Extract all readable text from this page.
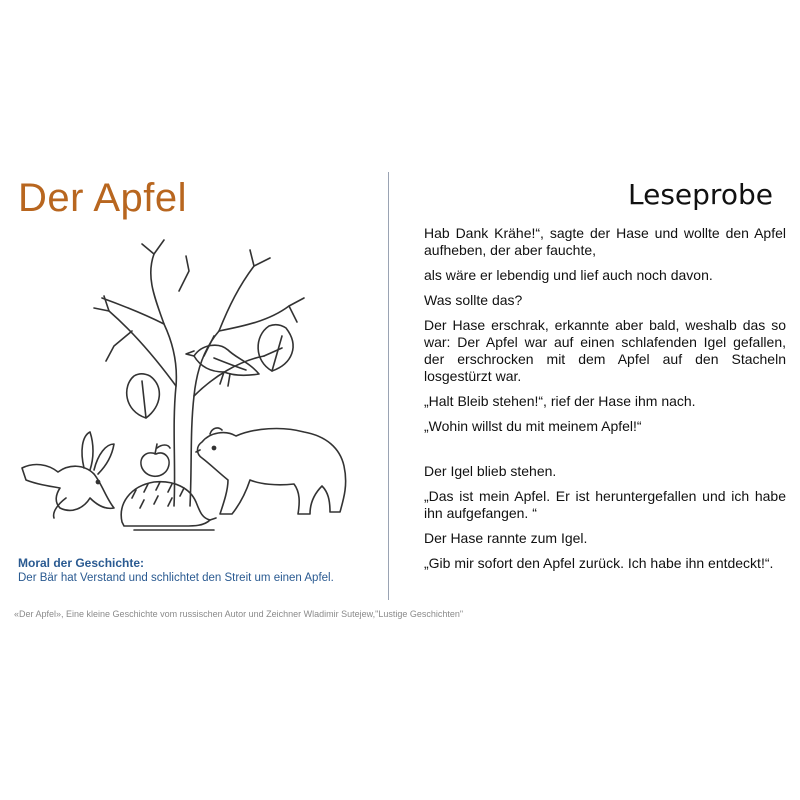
Der Apfel	Leseprobe

Moral der Geschichte:

Der Bär hat Verstand und schlichtet den Streit um einen Apfel.

«Der Apfel», Eine kleine Geschichte vom russischen Autor und Zeichner Wladimir Sutejew,"Lustige Geschichten"

Hab Dank Krähe!“, sagte der Hase und wollte den Apfel aufheben, der aber fauchte,

als wäre er lebendig und lief auch noch davon.

Was sollte das?

Der Hase erschrak, erkannte aber bald, weshalb das so war: Der Apfel war auf einen schlafenden Igel gefallen, der erschrocken mit dem Apfel auf den Stacheln losgestürzt war.

„Halt Bleib stehen!“, rief der Hase ihm nach.

„Wohin willst du mit meinem Apfel!“

Der Igel blieb stehen.

„Das ist mein Apfel. Er ist heruntergefallen und ich habe ihn aufgefangen. “

Der Hase rannte zum Igel.

„Gib mir sofort den Apfel zurück. Ich habe ihn entdeckt!“.
